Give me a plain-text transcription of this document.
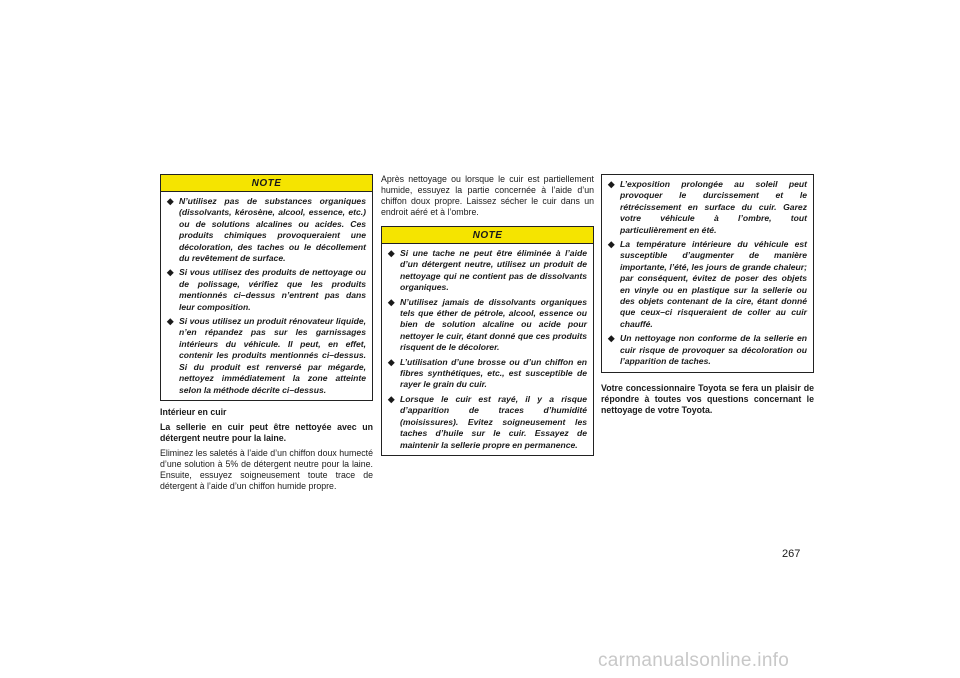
NOTE
◆ N’utilisez pas de substances organiques (dissolvants, kérosène, alcool, essence, etc.) ou de solutions alcalines ou acides. Ces produits chimiques provoqueraient une décoloration, des taches ou le décollement du revêtement de surface.
◆ Si vous utilisez des produits de nettoyage ou de polissage, vérifiez que les produits mentionnés ci–dessus n’entrent pas dans leur composition.
◆ Si vous utilisez un produit rénovateur liquide, n’en répandez pas sur les garnissages intérieurs du véhicule. Il peut, en effet, contenir les produits mentionnés ci–dessus. Si du produit est renversé par mégarde, nettoyez immédiatement la zone atteinte selon la méthode décrite ci–dessus.
Intérieur en cuir
La sellerie en cuir peut être nettoyée avec un détergent neutre pour la laine.
Eliminez les saletés à l’aide d’un chiffon doux humecté d’une solution à 5% de détergent neutre pour la laine. Ensuite, essuyez soigneusement toute trace de détergent à l’aide d’un chiffon humide propre.
Après nettoyage ou lorsque le cuir est partiellement humide, essuyez la partie concernée à l’aide d’un chiffon doux propre. Laissez sécher le cuir dans un endroit aéré et à l’ombre.
NOTE
◆ Si une tache ne peut être éliminée à l’aide d’un détergent neutre, utilisez un produit de nettoyage qui ne contient pas de dissolvants organiques.
◆ N’utilisez jamais de dissolvants organiques tels que éther de pétrole, alcool, essence ou bien de solution alcaline ou acide pour nettoyer le cuir, étant donné que ces produits risquent de le décolorer.
◆ L’utilisation d’une brosse ou d’un chiffon en fibres synthétiques, etc., est susceptible de rayer le grain du cuir.
◆ Lorsque le cuir est rayé, il y a risque d’apparition de traces d’humidité (moisissures). Evitez soigneusement les taches d’huile sur le cuir. Essayez de maintenir la sellerie propre en permanence.
◆ L’exposition prolongée au soleil peut provoquer le durcissement et le rétrécissement en surface du cuir. Garez votre véhicule à l’ombre, tout particulièrement en été.
◆ La température intérieure du véhicule est susceptible d’augmenter de manière importante, l’été, les jours de grande chaleur; par conséquent, évitez de poser des objets en vinyle ou en plastique sur la sellerie ou des objets contenant de la cire, étant donné que ceux–ci risqueraient de coller au cuir chauffé.
◆ Un nettoyage non conforme de la sellerie en cuir risque de provoquer sa décoloration ou l’apparition de taches.
Votre concessionnaire Toyota se fera un plaisir de répondre à toutes vos questions concernant le nettoyage de votre Toyota.
267
carmanualsonline.info
